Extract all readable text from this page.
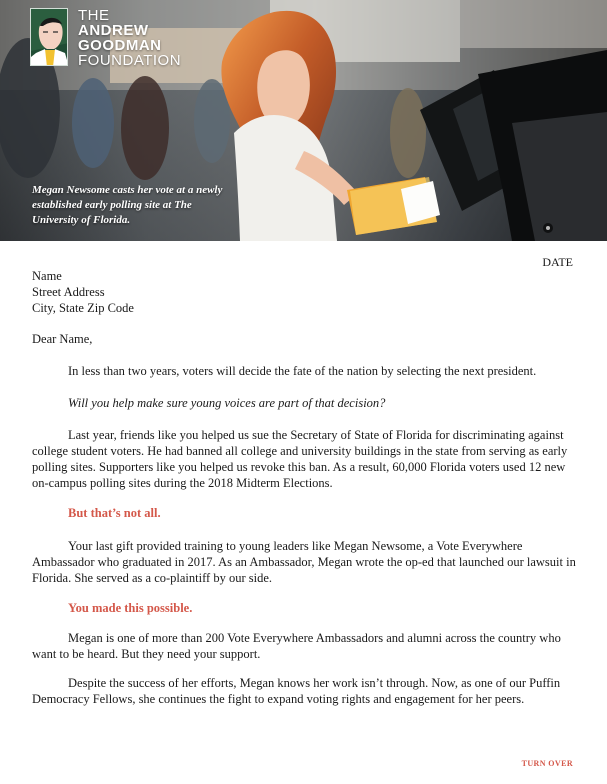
THE
ANDREW
GOODMAN
FOUNDATION
Megan Newsome casts her vote at a newly established early polling site at The University of Florida.
DATE
Name
Street Address
City, State Zip Code
Dear Name,

In less than two years, voters will decide the fate of the nation by selecting the next president.

Will you help make sure young voices are part of that decision?

Last year, friends like you helped us sue the Secretary of State of Florida for discriminating against college student voters. He had banned all college and university buildings in the state from serving as early polling sites. Supporters like you helped us revoke this ban. As a result, 60,000 Florida voters used 12 new on-campus polling sites during the 2018 Midterm Elections.

But that’s not all.

Your last gift provided training to young leaders like Megan Newsome, a Vote Everywhere Ambassador who graduated in 2017. As an Ambassador, Megan wrote the op-ed that launched our lawsuit in Florida. She served as a co-plaintiff by our side.

You made this possible.

Megan is one of more than 200 Vote Everywhere Ambassadors and alumni across the country who want to be heard. But they need your support.

Despite the success of her efforts, Megan knows her work isn’t through. Now, as one of our Puffin Democracy Fellows, she continues the fight to expand voting rights and engagement for her peers.

TURN OVER
